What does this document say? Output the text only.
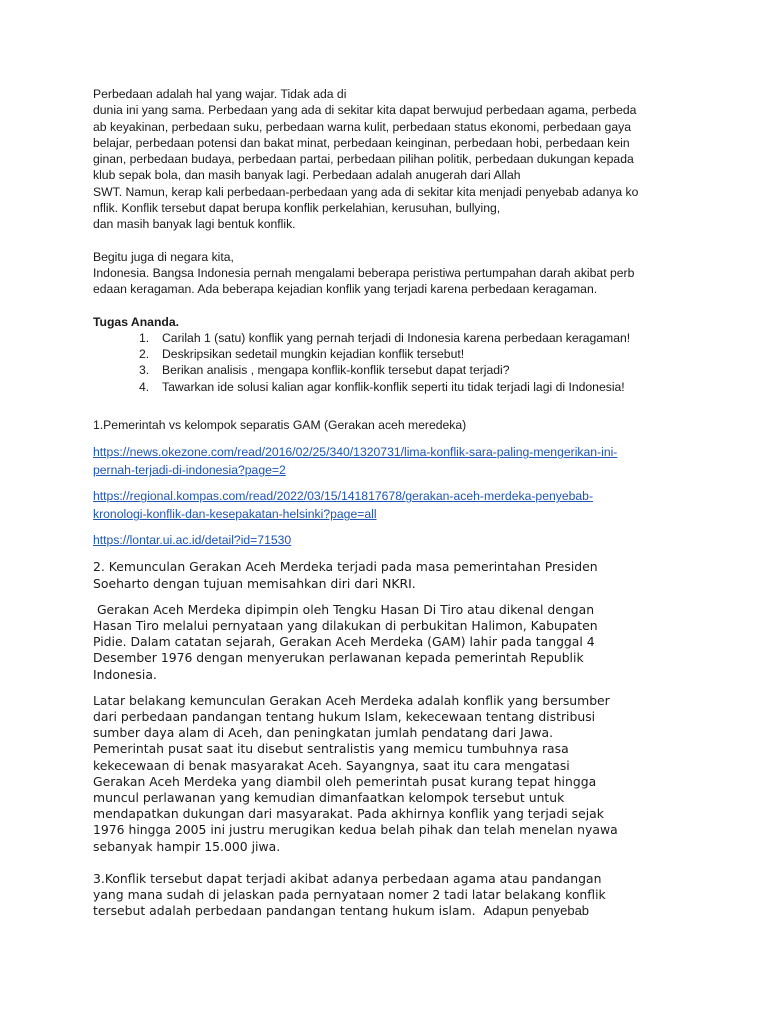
Perbedaan adalah hal yang wajar. Tidak ada di
dunia ini yang sama. Perbedaan yang ada di sekitar kita dapat berwujud perbedaan agama, perbeda
ab keyakinan, perbedaan suku, perbedaan warna kulit, perbedaan status ekonomi, perbedaan gaya
belajar, perbedaan potensi dan bakat minat, perbedaan keinginan, perbedaan hobi, perbedaan kein
ginan, perbedaan budaya, perbedaan partai, perbedaan pilihan politik, perbedaan dukungan kepada
klub sepak bola, dan masih banyak lagi. Perbedaan adalah anugerah dari Allah
SWT. Namun, kerap kali perbedaan-perbedaan yang ada di sekitar kita menjadi penyebab adanya ko
nflik. Konflik tersebut dapat berupa konflik perkelahian, kerusuhan, bullying,
dan masih banyak lagi bentuk konflik.

Begitu juga di negara kita,
Indonesia. Bangsa Indonesia pernah mengalami beberapa peristiwa pertumpahan darah akibat perb
edaan keragaman. Ada beberapa kejadian konflik yang terjadi karena perbedaan keragaman.

Tugas Ananda.
1. Carilah 1 (satu) konflik yang pernah terjadi di Indonesia karena perbedaan keragaman!
2. Deskripsikan sedetail mungkin kejadian konflik tersebut!
3. Berikan analisis , mengapa konflik-konflik tersebut dapat terjadi?
4. Tawarkan ide solusi kalian agar konflik-konflik seperti itu tidak terjadi lagi di Indonesia!

1.Pemerintah vs kelompok separatis GAM (Gerakan aceh meredeka)

https://news.okezone.com/read/2016/02/25/340/1320731/lima-konflik-sara-paling-mengerikan-ini-
pernah-terjadi-di-indonesia?page=2
https://regional.kompas.com/read/2022/03/15/141817678/gerakan-aceh-merdeka-penyebab-
kronologi-konflik-dan-kesepakatan-helsinki?page=all
https://lontar.ui.ac.id/detail?id=71530

2. Kemunculan Gerakan Aceh Merdeka terjadi pada masa pemerintahan Presiden
Soeharto dengan tujuan memisahkan diri dari NKRI.

Gerakan Aceh Merdeka dipimpin oleh Tengku Hasan Di Tiro atau dikenal dengan
Hasan Tiro melalui pernyataan yang dilakukan di perbukitan Halimon, Kabupaten
Pidie. Dalam catatan sejarah, Gerakan Aceh Merdeka (GAM) lahir pada tanggal 4
Desember 1976 dengan menyerukan perlawanan kepada pemerintah Republik
Indonesia.

Latar belakang kemunculan Gerakan Aceh Merdeka adalah konflik yang bersumber
dari perbedaan pandangan tentang hukum Islam, kekecewaan tentang distribusi
sumber daya alam di Aceh, dan peningkatan jumlah pendatang dari Jawa.
Pemerintah pusat saat itu disebut sentralistis yang memicu tumbuhnya rasa
kekecewaan di benak masyarakat Aceh. Sayangnya, saat itu cara mengatasi
Gerakan Aceh Merdeka yang diambil oleh pemerintah pusat kurang tepat hingga
muncul perlawanan yang kemudian dimanfaatkan kelompok tersebut untuk
mendapatkan dukungan dari masyarakat. Pada akhirnya konflik yang terjadi sejak
1976 hingga 2005 ini justru merugikan kedua belah pihak dan telah menelan nyawa
sebanyak hampir 15.000 jiwa.

3.Konflik tersebut dapat terjadi akibat adanya perbedaan agama atau pandangan
yang mana sudah di jelaskan pada pernyataan nomer 2 tadi latar belakang konflik
tersebut adalah perbedaan pandangan tentang hukum islam. Adapun penyebab
